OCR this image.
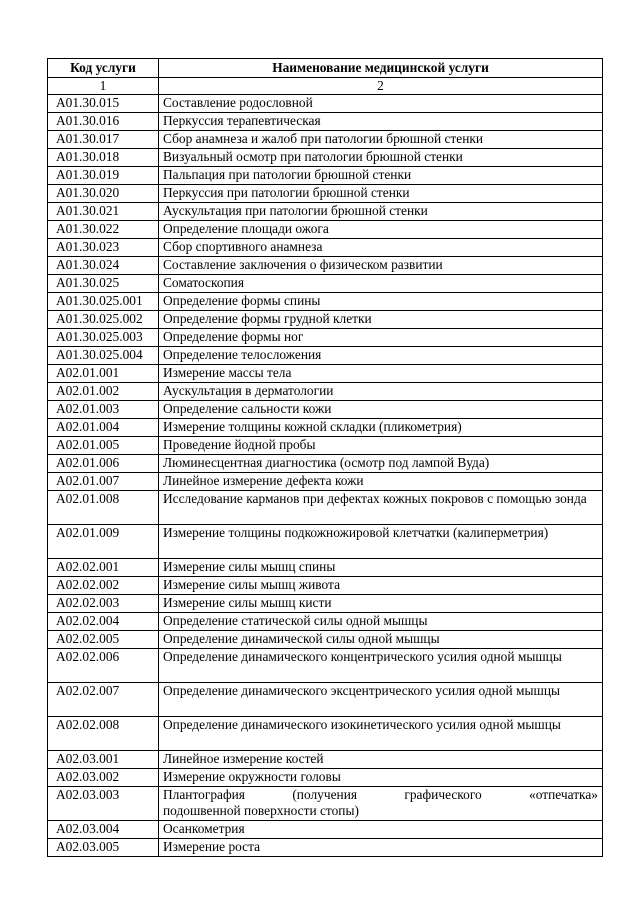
Код услуги	Наименование медицинской услуги
1	2
A01.30.015	Составление родословной
A01.30.016	Перкуссия терапевтическая
A01.30.017	Сбор анамнеза и жалоб при патологии брюшной стенки
A01.30.018	Визуальный осмотр при патологии брюшной стенки
A01.30.019	Пальпация при патологии брюшной стенки
A01.30.020	Перкуссия при патологии брюшной стенки
A01.30.021	Аускультация при патологии брюшной стенки
A01.30.022	Определение площади ожога
A01.30.023	Сбор спортивного анамнеза
A01.30.024	Составление заключения о физическом развитии
A01.30.025	Соматоскопия
A01.30.025.001	Определение формы спины
A01.30.025.002	Определение формы грудной клетки
A01.30.025.003	Определение формы ног
A01.30.025.004	Определение телосложения
A02.01.001	Измерение массы тела
A02.01.002	Аускультация в дерматологии
A02.01.003	Определение сальности кожи
A02.01.004	Измерение толщины кожной складки (пликометрия)
A02.01.005	Проведение йодной пробы
A02.01.006	Люминесцентная диагностика (осмотр под лампой Вуда)
A02.01.007	Линейное измерение дефекта кожи
A02.01.008	Исследование карманов при дефектах кожных покровов с помощью зонда
A02.01.009	Измерение толщины подкожножировой клетчатки (калиперметрия)
A02.02.001	Измерение силы мышц спины
A02.02.002	Измерение силы мышц живота
A02.02.003	Измерение силы мышц кисти
A02.02.004	Определение статической силы одной мышцы
A02.02.005	Определение динамической силы одной мышцы
A02.02.006	Определение динамического концентрического усилия одной мышцы
A02.02.007	Определение динамического эксцентрического усилия одной мышцы
A02.02.008	Определение динамического изокинетического усилия одной мышцы
A02.03.001	Линейное измерение костей
A02.03.002	Измерение окружности головы
A02.03.003	Плантография (получения графического «отпечатка»
подошвенной поверхности стопы)
A02.03.004	Осанкометрия
A02.03.005	Измерение роста
